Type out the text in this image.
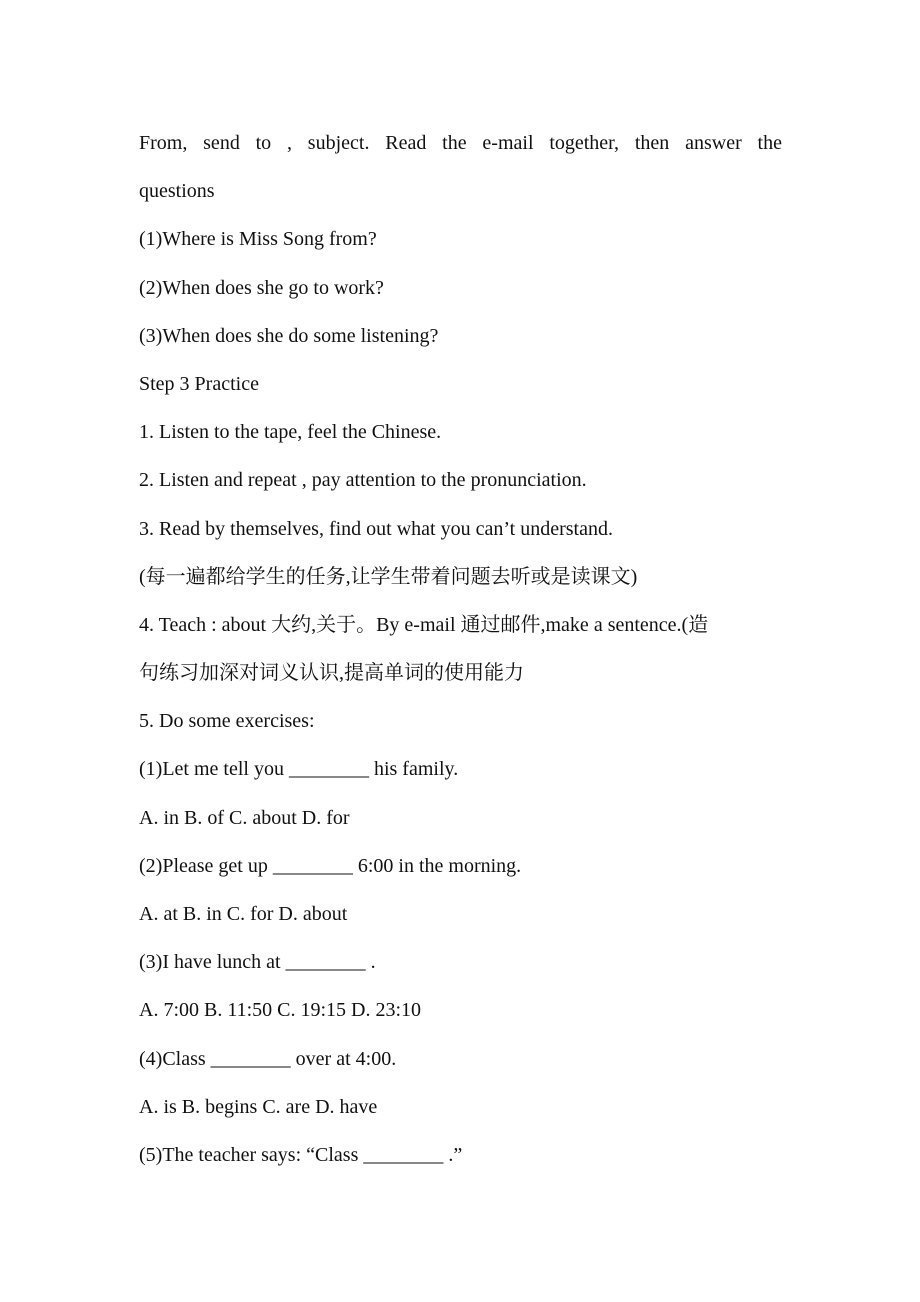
From, send to , subject. Read the e-mail together, then answer the
questions
(1)Where is Miss Song from?
(2)When does she go to work?
(3)When does she do some listening?
Step 3 Practice
1. Listen to the tape, feel the Chinese.
2. Listen and repeat , pay attention to the pronunciation.
3. Read by themselves, find out what you can’t understand.
(每一遍都给学生的任务,让学生带着问题去听或是读课文)
4. Teach : about 大约,关于。By e-mail 通过邮件,make a sentence.(造
句练习加深对词义认识,提高单词的使用能力
5. Do some exercises:
(1)Let me tell you ________ his family.
A. in B. of C. about D. for
(2)Please get up ________ 6:00 in the morning.
A. at B. in C. for D. about
(3)I have lunch at ________ .
A. 7:00 B. 11:50 C. 19:15 D. 23:10
(4)Class ________ over at 4:00.
A. is B. begins C. are D. have
(5)The teacher says: “Class ________ .”
